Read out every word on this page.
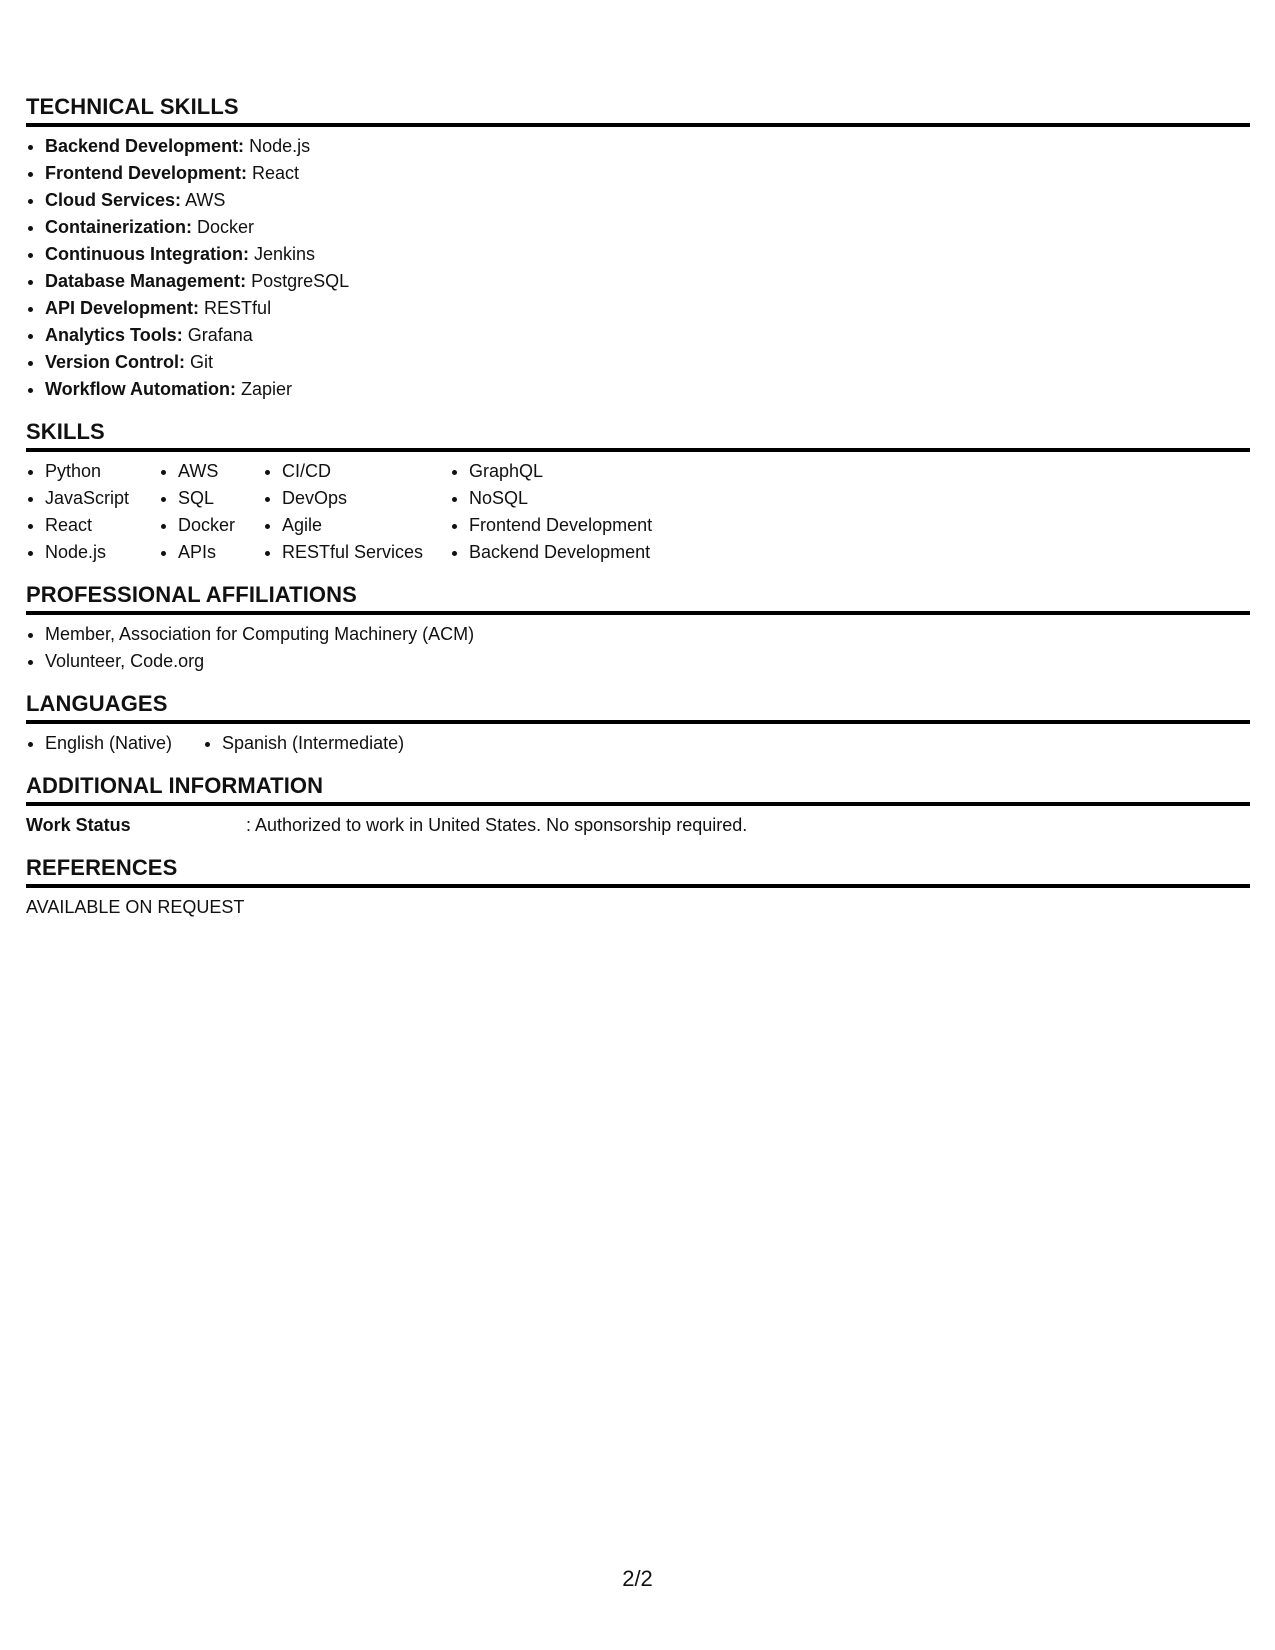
TECHNICAL SKILLS
• Backend Development: Node.js
• Frontend Development: React
• Cloud Services: AWS
• Containerization: Docker
• Continuous Integration: Jenkins
• Database Management: PostgreSQL
• API Development: RESTful
• Analytics Tools: Grafana
• Version Control: Git
• Workflow Automation: Zapier
SKILLS
• Python
• JavaScript
• React
• Node.js
• AWS
• SQL
• Docker
• APIs
• CI/CD
• DevOps
• Agile
• RESTful Services
• GraphQL
• NoSQL
• Frontend Development
• Backend Development
PROFESSIONAL AFFILIATIONS
• Member, Association for Computing Machinery (ACM)
• Volunteer, Code.org
LANGUAGES
• English (Native)
•	Spanish (Intermediate)
ADDITIONAL INFORMATION
Work Status	: Authorized to work in United States. No sponsorship required.
REFERENCES
AVAILABLE ON REQUEST
2/2
